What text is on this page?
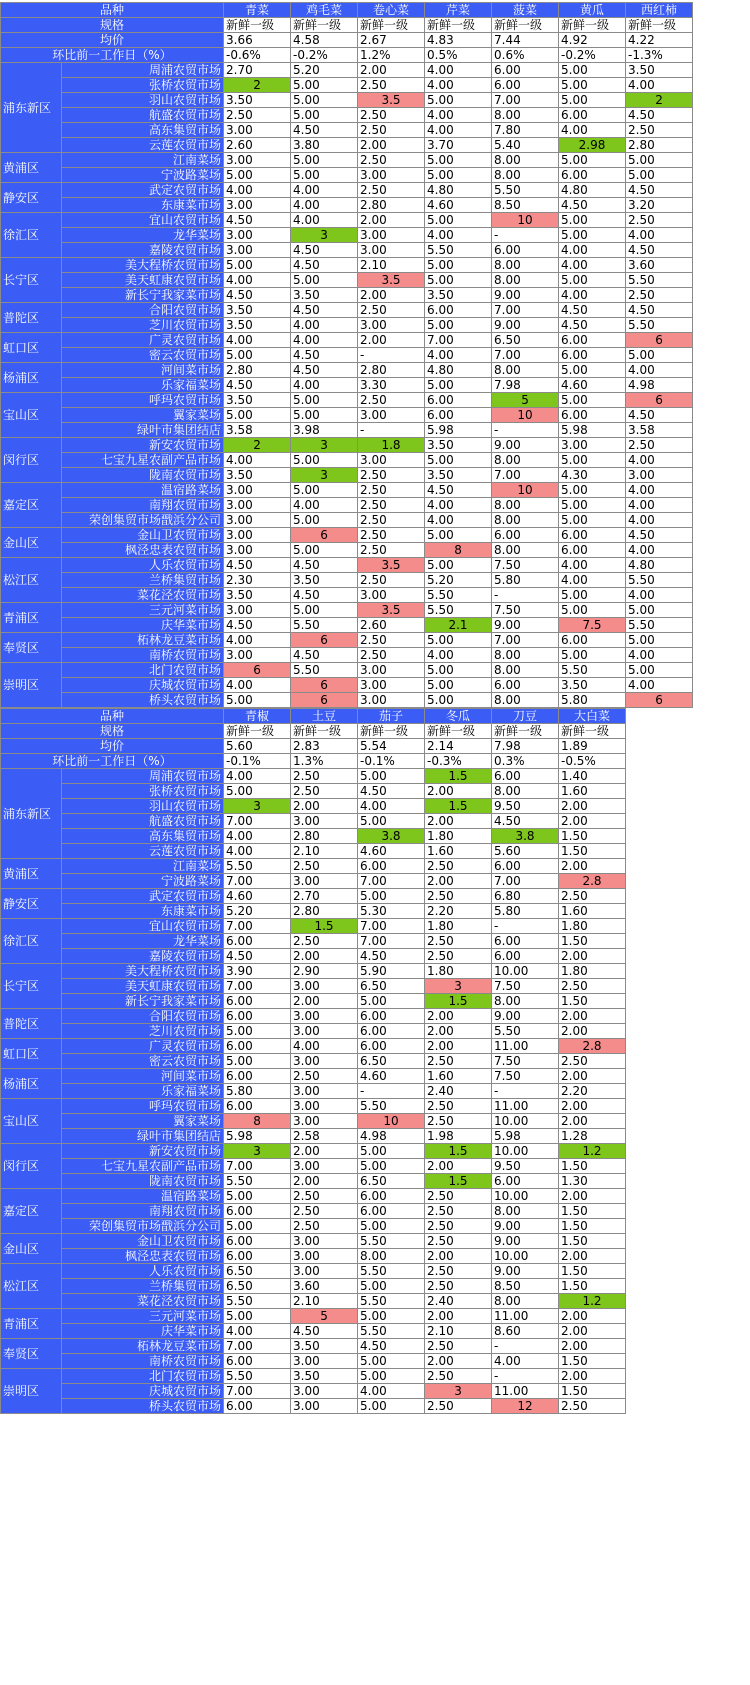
品种		青菜	鸡毛菜	卷心菜	芹菜	菠菜	黄瓜	西红柿
规格		新鲜一级	新鲜一级	新鲜一级	新鲜一级	新鲜一级	新鲜一级	新鲜一级
均价		3.66	4.58	2.67	4.83	7.44	4.92	4.22
环比前一工作日（%）		-0.6%	-0.2%	1.2%	0.5%	0.6%	-0.2%	-1.3%
浦东新区	周浦农贸市场	2.70	5.20	2.00	4.00	6.00	5.00	3.50
	张桥农贸市场	2	5.00	2.50	4.00	6.00	5.00	4.00
	羽山农贸市场	3.50	5.00	3.5	5.00	7.00	5.00	2
	航盛农贸市场	2.50	5.00	2.50	4.00	8.00	6.00	4.50
	高东集贸市场	3.00	4.50	2.50	4.00	7.80	4.00	2.50
	云莲农贸市场	2.60	3.80	2.00	3.70	5.40	2.98	2.80
黄浦区	江南菜场	3.00	5.00	2.50	5.00	8.00	5.00	5.00
	宁波路菜场	5.00	5.00	3.00	5.00	8.00	6.00	5.00
静安区	武定农贸市场	4.00	4.00	2.50	4.80	5.50	4.80	4.50
	东康菜市场	3.00	4.00	2.80	4.60	8.50	4.50	3.20
徐汇区	宜山农贸市场	4.50	4.00	2.00	5.00	10	5.00	2.50
	龙华菜场	3.00	3	3.00	4.00	-	5.00	4.00
	嘉陵农贸市场	3.00	4.50	3.00	5.50	6.00	4.00	4.50
长宁区	美大程桥农贸市场	5.00	4.50	2.10	5.00	8.00	4.00	3.60
	美天虹康农贸市场	4.00	5.00	3.5	5.00	8.00	5.00	5.50
	新长宁我家菜市场	4.50	3.50	2.00	3.50	9.00	4.00	2.50
普陀区	合阳农贸市场	3.50	4.50	2.50	6.00	7.00	4.50	4.50
	芝川农贸市场	3.50	4.00	3.00	5.00	9.00	4.50	5.50
虹口区	广灵农贸市场	4.00	4.00	2.00	7.00	6.50	6.00	6
	密云农贸市场	5.00	4.50	-	4.00	7.00	6.00	5.00
杨浦区	河间菜市场	2.80	4.50	2.80	4.80	8.00	5.00	4.00
	乐家福菜场	4.50	4.00	3.30	5.00	7.98	4.60	4.98
宝山区	呼玛农贸市场	3.50	5.00	2.50	6.00	5	5.00	6
	翼家菜场	5.00	5.00	3.00	6.00	10	6.00	4.50
	绿叶市集团结店	3.58	3.98	-	5.98	-	5.98	3.58
闵行区	新安农贸市场	2	3	1.8	3.50	9.00	3.00	2.50
	七宝九星农副产品市场	4.00	5.00	3.00	5.00	8.00	5.00	4.00
	陇南农贸市场	3.50	3	2.50	3.50	7.00	4.30	3.00
嘉定区	温宿路菜场	3.00	5.00	2.50	4.50	10	5.00	4.00
	南翔农贸市场	3.00	4.00	2.50	4.00	8.00	5.00	4.00
	荣创集贸市场戬浜分公司	3.00	5.00	2.50	4.00	8.00	5.00	4.00
金山区	金山卫农贸市场	3.00	6	2.50	5.00	6.00	6.00	4.50
	枫泾忠表农贸市场	3.00	5.00	2.50	8	8.00	6.00	4.00
松江区	人乐农贸市场	4.50	4.50	3.5	5.00	7.50	4.00	4.80
	兰桥集贸市场	2.30	3.50	2.50	5.20	5.80	4.00	5.50
	菜花泾农贸市场	3.50	4.50	3.00	5.50	-	5.00	4.00
青浦区	三元河菜市场	3.00	5.00	3.5	5.50	7.50	5.00	5.00
	庆华菜市场	4.50	5.50	2.60	2.1	9.00	7.5	5.50
奉贤区	柘林龙豆菜市场	4.00	6	2.50	5.00	7.00	6.00	5.00
	南桥农贸市场	3.00	4.50	2.50	4.00	8.00	5.00	4.00
崇明区	北门农贸市场	6	5.50	3.00	5.00	8.00	5.50	5.00
	庆城农贸市场	4.00	6	3.00	5.00	6.00	3.50	4.00
	桥头农贸市场	5.00	6	3.00	5.00	8.00	5.80	6
品种		青椒	土豆	茄子	冬瓜	刀豆	大白菜
规格		新鲜一级	新鲜一级	新鲜一级	新鲜一级	新鲜一级	新鲜一级
均价		5.60	2.83	5.54	2.14	7.98	1.89
环比前一工作日（%）		-0.1%	1.3%	-0.1%	-0.3%	0.3%	-0.5%
浦东新区	周浦农贸市场	4.00	2.50	5.00	1.5	6.00	1.40
	张桥农贸市场	5.00	2.50	4.50	2.00	8.00	1.60
	羽山农贸市场	3	2.00	4.00	1.5	9.50	2.00
	航盛农贸市场	7.00	3.00	5.00	2.00	4.50	2.00
	高东集贸市场	4.00	2.80	3.8	1.80	3.8	1.50
	云莲农贸市场	4.00	2.10	4.60	1.60	5.60	1.50
黄浦区	江南菜场	5.50	2.50	6.00	2.50	6.00	2.00
	宁波路菜场	7.00	3.00	7.00	2.00	7.00	2.8
静安区	武定农贸市场	4.60	2.70	5.00	2.50	6.80	2.50
	东康菜市场	5.20	2.80	5.30	2.20	5.80	1.60
徐汇区	宜山农贸市场	7.00	1.5	7.00	1.80	-	1.80
	龙华菜场	6.00	2.50	7.00	2.50	6.00	1.50
	嘉陵农贸市场	4.50	2.00	4.50	2.50	6.00	2.00
长宁区	美大程桥农贸市场	3.90	2.90	5.90	1.80	10.00	1.80
	美天虹康农贸市场	7.00	3.00	6.50	3	7.50	2.50
	新长宁我家菜市场	6.00	2.00	5.00	1.5	8.00	1.50
普陀区	合阳农贸市场	6.00	3.00	6.00	2.00	9.00	2.00
	芝川农贸市场	5.00	3.00	6.00	2.00	5.50	2.00
虹口区	广灵农贸市场	6.00	4.00	6.00	2.00	11.00	2.8
	密云农贸市场	5.00	3.00	6.50	2.50	7.50	2.50
杨浦区	河间菜市场	6.00	2.50	4.60	1.60	7.50	2.00
	乐家福菜场	5.80	3.00	-	2.40	-	2.20
宝山区	呼玛农贸市场	6.00	3.00	5.50	2.50	11.00	2.00
	翼家菜场	8	3.00	10	2.50	10.00	2.00
	绿叶市集团结店	5.98	2.58	4.98	1.98	5.98	1.28
闵行区	新安农贸市场	3	2.00	5.00	1.5	10.00	1.2
	七宝九星农副产品市场	7.00	3.00	5.00	2.00	9.50	1.50
	陇南农贸市场	5.50	2.00	6.50	1.5	6.00	1.30
嘉定区	温宿路菜场	5.00	2.50	6.00	2.50	10.00	2.00
	南翔农贸市场	6.00	2.50	6.00	2.50	8.00	1.50
	荣创集贸市场戬浜分公司	5.00	2.50	5.00	2.50	9.00	1.50
金山区	金山卫农贸市场	6.00	3.00	5.50	2.50	9.00	1.50
	枫泾忠表农贸市场	6.00	3.00	8.00	2.00	10.00	2.00
松江区	人乐农贸市场	6.50	3.00	5.50	2.50	9.00	1.50
	兰桥集贸市场	6.50	3.60	5.00	2.50	8.50	1.50
	菜花泾农贸市场	5.50	2.10	5.50	2.40	8.00	1.2
青浦区	三元河菜市场	5.00	5	5.00	2.00	11.00	2.00
	庆华菜市场	4.00	4.50	5.50	2.10	8.60	2.00
奉贤区	柘林龙豆菜市场	7.00	3.50	4.50	2.50	-	2.00
	南桥农贸市场	6.00	3.00	5.00	2.00	4.00	1.50
崇明区	北门农贸市场	5.50	3.50	5.00	2.50	-	2.00
	庆城农贸市场	7.00	3.00	4.00	3	11.00	1.50
	桥头农贸市场	6.00	3.00	5.00	2.50	12	2.50
